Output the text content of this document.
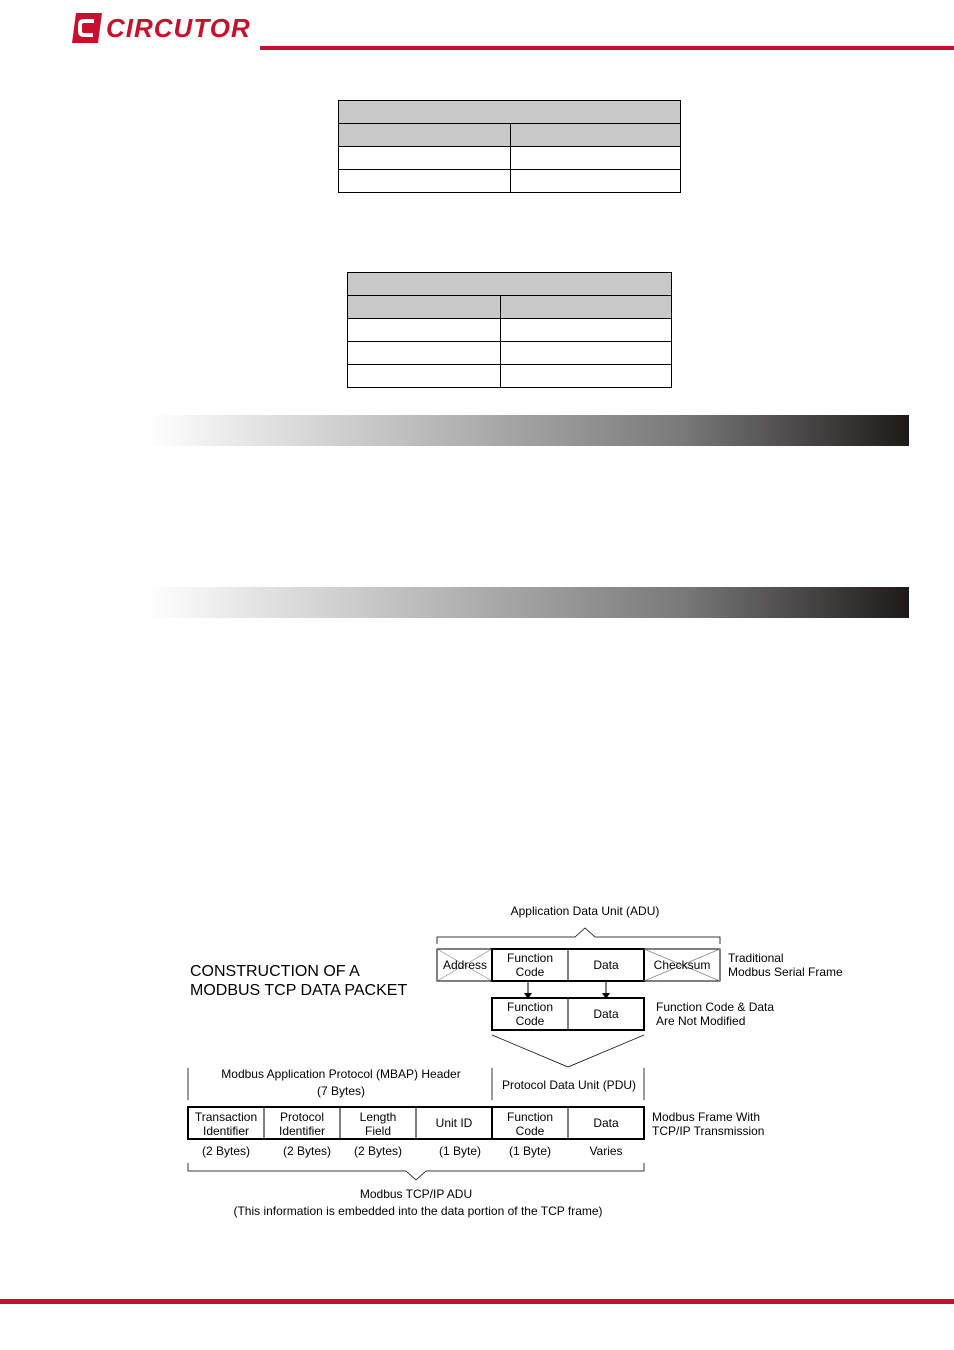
CIRCUTOR

CONSTRUCTION OF A
MODBUS TCP DATA PACKET
Application Data Unit (ADU)
Address	Function Code	Data	Checksum Traditional
Modbus Serial Frame
Function Code	Data	Function Code & Data
Are Not Modified
Modbus Application Protocol (MBAP) Header
(7 Bytes)	Protocol Data Unit (PDU)
Transaction Identifier
Protocol Identifier
Length Field
Unit ID	Function Code
Data	Modbus Frame With
TCP/IP Transmission
(2 Bytes)	(2 Bytes) (2 Bytes)	(1 Byte) (1 Byte)	Varies
Modbus TCP/IP ADU
(This information is embedded into the data portion of the TCP frame)
